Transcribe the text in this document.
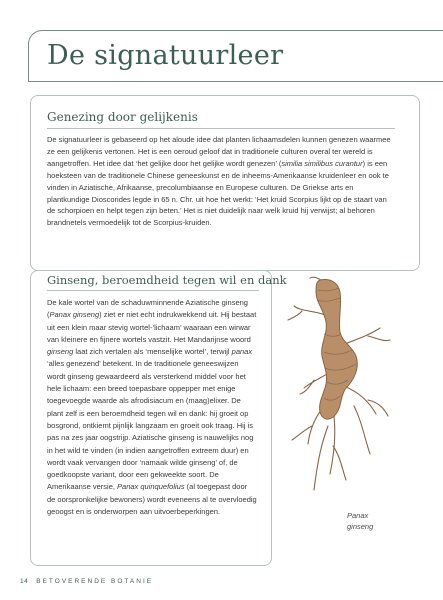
De signatuurleer
Genezing door gelijkenis

De signatuurleer is gebaseerd op het aloude idee dat planten lichaamsdelen kunnen genezen waarmee ze een gelijkenis vertonen. Het is een oeroud geloof dat in traditionele culturen overal ter wereld is aangetroffen. Het idee dat ‘het gelijke door het gelijke wordt genezen’ (similia similibus curantur) is een hoeksteen van de traditionele Chinese geneeskunst en de inheems-Amerikaanse kruidenleer en ook te vinden in Aziatische, Afrikaanse, precolumbiaanse en Europese culturen. De Griekse arts en plantkundige Dioscorides legde in 65 n. Chr. uit hoe het werkt: ‘Het kruid Scorpius lijkt op de staart van de schorpioen en helpt tegen zijn beten.’ Het is niet duidelijk naar welk kruid hij verwijst; al behoren brandnetels vermoedelijk tot de Scorpius-kruiden.

Ginseng, beroemdheid tegen wil en dank

De kale wortel van de schaduwminnende Aziatische ginseng (Panax ginseng) ziet er niet echt indrukwekkend uit. Hij bestaat uit een klein maar stevig wortel-‘lichaam’ waaraan een wirwar van kleinere en fijnere wortels vastzit. Het Mandarijnse woord ginseng laat zich vertalen als ‘menselijke wortel’, terwijl panax ‘alles genezend’ betekent. In de traditionele geneeswijzen wordt ginseng gewaardeerd als versterkend middel voor het hele lichaam: een breed toepasbare oppepper met enige toegevoegde waarde als afrodisiacum en (maag)elixer. De plant zelf is een beroemdheid tegen wil en dank: hij groeit op bosgrond, ontkiemt pijnlijk langzaam en groeit ook traag. Hij is pas na zes jaar oogstrijp. Aziatische ginseng is nauwelijks nog in het wild te vinden (in indien aangetroffen extreem duur) en wordt vaak vervangen door ‘namaak wilde ginseng’ of, de goedkoopste variant, door een gekweekte soort. De Amerikaanse versie, Panax quinquefolius (al toegepast door de oorspronkelijke bewoners) wordt eveneens al te overvloedig geoogst en is onderworpen aan uitvoerbeperkingen.	Panax
ginseng

14 BETOVERENDE BOTANIE
